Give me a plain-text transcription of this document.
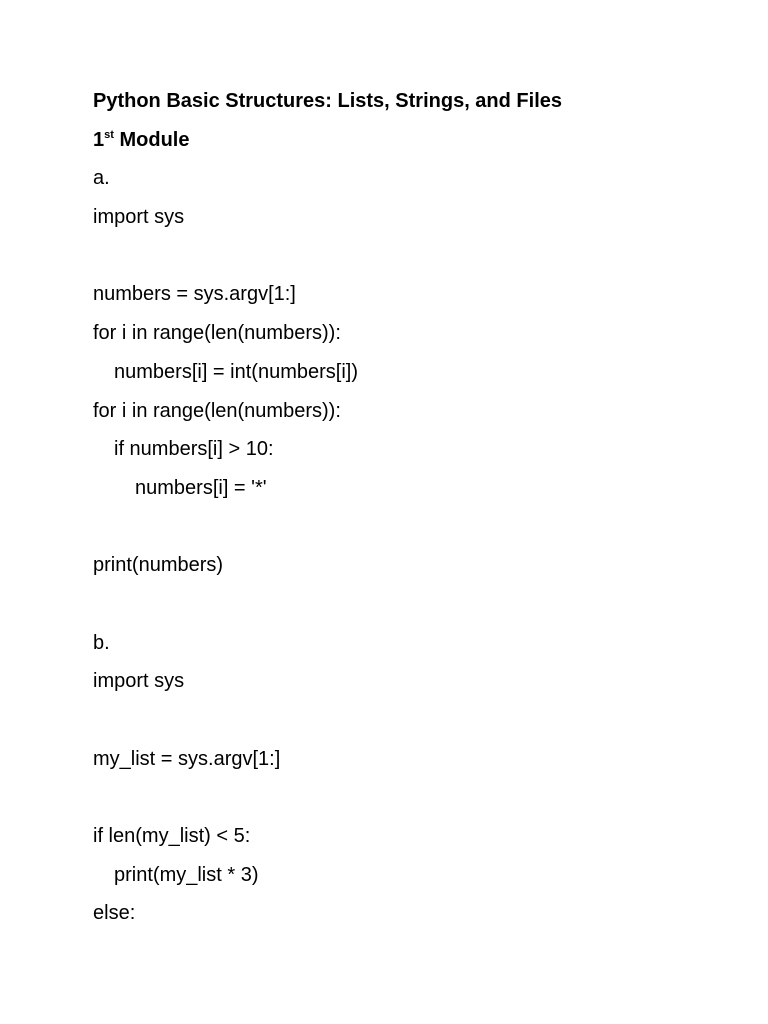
Python Basic Structures: Lists, Strings, and Files
1st Module
a.
import sys
numbers = sys.argv[1:]
for i in range(len(numbers)):
numbers[i] = int(numbers[i])
for i in range(len(numbers)):
if numbers[i] > 10:
numbers[i] = '*'
print(numbers)
b.
import sys
my_list = sys.argv[1:]
if len(my_list) < 5:
print(my_list * 3)
else:
